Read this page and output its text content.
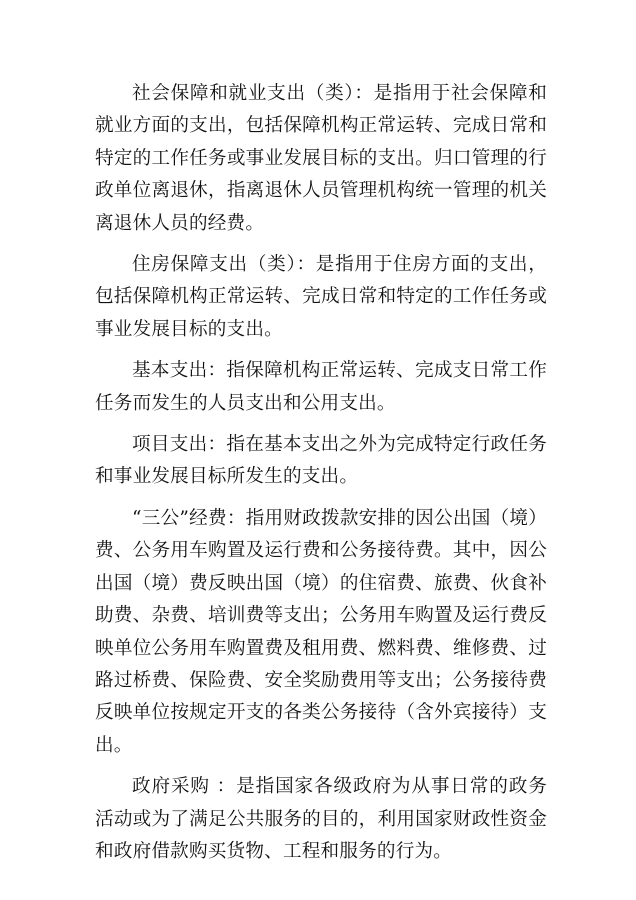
社会保障和就业支出（类）：是指用于社会保障和就业方面的支出，包括保障机构正常运转、完成日常和特定的工作任务或事业发展目标的支出。归口管理的行政单位离退休，指离退休人员管理机构统一管理的机关离退休人员的经费。

住房保障支出（类）：是指用于住房方面的支出，包括保障机构正常运转、完成日常和特定的工作任务或事业发展目标的支出。

基本支出：指保障机构正常运转、完成支日常工作任务而发生的人员支出和公用支出。

项目支出：指在基本支出之外为完成特定行政任务和事业发展目标所发生的支出。

“三公”经费：指用财政拨款安排的因公出国（境）费、公务用车购置及运行费和公务接待费。其中，因公出国（境）费反映出国（境）的住宿费、旅费、伙食补助费、杂费、培训费等支出；公务用车购置及运行费反映单位公务用车购置费及租用费、燃料费、维修费、过路过桥费、保险费、安全奖励费用等支出；公务接待费反映单位按规定开支的各类公务接待（含外宾接待）支出。

政府采购 ：是指国家各级政府为从事日常的政务活动或为了满足公共服务的目的，利用国家财政性资金和政府借款购买货物、工程和服务的行为。
